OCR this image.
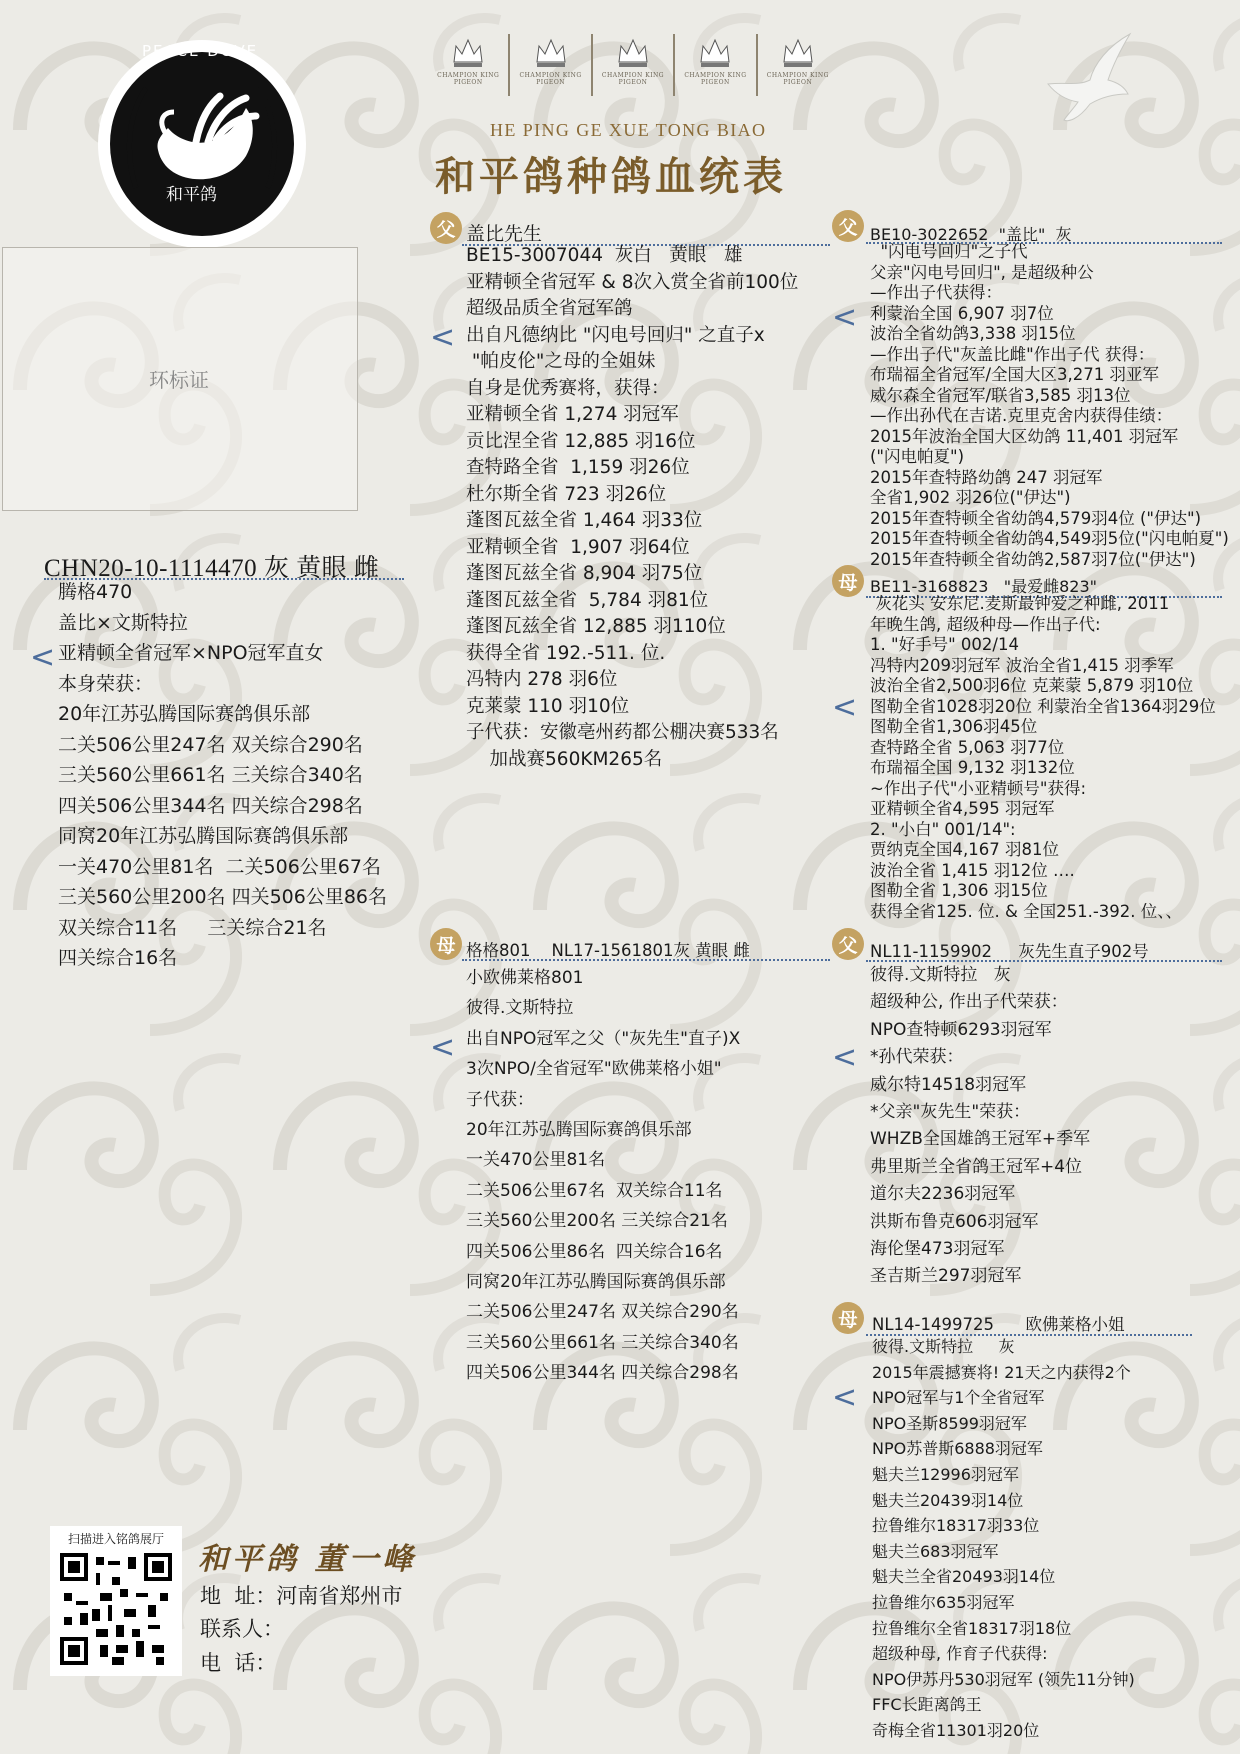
PEACE DOVE
和平鸽
CHAMPION KING PIGEON
CHAMPION KING PIGEON
CHAMPION KING PIGEON
CHAMPION KING PIGEON
CHAMPION KING PIGEON
HE PING GE XUE TONG BIAO
和平鸽种鸽血统表
环标证
CHN20-10-1114470 灰 黄眼 雌
<
腾格470
盖比×文斯特拉
亚精顿全省冠军×NPO冠军直女
本身荣获：
20年江苏弘腾国际赛鸽俱乐部
二关506公里247名 双关综合290名
三关560公里661名 三关综合340名
四关506公里344名 四关综合298名
同窝20年江苏弘腾国际赛鸽俱乐部
一关470公里81名  二关506公里67名
三关560公里200名 四关506公里86名
双关综合11名     三关综合21名
四关综合16名
父 盖比先生
<
BE15-3007044  灰白   黄眼   雄
亚精顿全省冠军 & 8次入赏全省前100位
超级品质全省冠军鸽
出自凡德纳比 "闪电号回归" 之直子x
"帕皮伦"之母的全姐妹
自身是优秀赛将，获得：
亚精顿全省 1,274 羽冠军
贡比涅全省 12,885 羽16位
查特路全省  1,159 羽26位
杜尔斯全省 723 羽26位
蓬图瓦兹全省 1,464 羽33位
亚精顿全省  1,907 羽64位
蓬图瓦兹全省 8,904 羽75位
蓬图瓦兹全省  5,784 羽81位
蓬图瓦兹全省 12,885 羽110位
获得全省 192.-511. 位.
冯特内 278 羽6位
克莱蒙 110 羽10位
子代获：安徽亳州药都公棚决赛533名
加战赛560KM265名
母 格格801    NL17-1561801灰 黄眼 雌
<
小欧佛莱格801
彼得.文斯特拉
出自NPO冠军之父（"灰先生"直子)X
3次NPO/全省冠军"欧佛莱格小姐"
子代获：
20年江苏弘腾国际赛鸽俱乐部
一关470公里81名
二关506公里67名  双关综合11名
三关560公里200名 三关综合21名
四关506公里86名  四关综合16名
同窝20年江苏弘腾国际赛鸽俱乐部
二关506公里247名 双关综合290名
三关560公里661名 三关综合340名
四关506公里344名 四关综合298名
父 BE10-3022652  "盖比"  灰
<
"闪电号回归"之子代
父亲"闪电号回归", 是超级种公
—作出子代获得：
利蒙治全国 6,907 羽7位
波治全省幼鸽3,338 羽15位
—作出子代"灰盖比雌"作出子代 获得：
布瑞福全省冠军/全国大区3,271 羽亚军
威尔森全省冠军/联省3,585 羽13位
—作出孙代在吉诺.克里克舍内获得佳绩：
2015年波治全国大区幼鸽 11,401 羽冠军
("闪电帕夏")
2015年查特路幼鸽 247 羽冠军
全省1,902 羽26位("伊达")
2015年查特顿全省幼鸽4,579羽4位 ("伊达")
2015年查特顿全省幼鸽4,549羽5位("闪电帕夏")
2015年查特顿全省幼鸽2,587羽7位("伊达")
母 BE11-3168823   "最爱雌823"
<
灰花头 安东尼.麦斯最钟爱之种雌, 2011
年晚生鸽, 超级种母—作出子代:
1. "好手号" 002/14
冯特内209羽冠军 波治全省1,415 羽季军
波治全省2,500羽6位 克莱蒙 5,879 羽10位
图勒全省1028羽20位 利蒙治全省1364羽29位
图勒全省1,306羽45位
查特路全省 5,063 羽77位
布瑞福全国 9,132 羽132位
~作出子代"小亚精顿号"获得:
亚精顿全省4,595 羽冠军
2. "小白" 001/14":
贾纳克全国4,167 羽81位
波治全省 1,415 羽12位 ….
图勒全省 1,306 羽15位
获得全省125. 位. & 全国251.-392. 位、、
父 NL11-1159902     灰先生直子902号
<
彼得.文斯特拉   灰
超级种公, 作出子代荣获：
NPO查特顿6293羽冠军
*孙代荣获：
威尔特14518羽冠军
*父亲"灰先生"荣获：
WHZB全国雄鸽王冠军+季军
弗里斯兰全省鸽王冠军+4位
道尔夫2236羽冠军
洪斯布鲁克606羽冠军
海伦堡473羽冠军
圣吉斯兰297羽冠军
母 NL14-1499725      欧佛莱格小姐
<
彼得.文斯特拉     灰
2015年震撼赛将! 21天之内获得2个
NPO冠军与1个全省冠军
NPO圣斯8599羽冠军
NPO苏普斯6888羽冠军
魁夫兰12996羽冠军
魁夫兰20439羽14位
拉鲁维尔18317羽33位
魁夫兰683羽冠军
魁夫兰全省20493羽14位
拉鲁维尔635羽冠军
拉鲁维尔全省18317羽18位
超级种母, 作育子代获得:
NPO伊苏丹530羽冠军 (领先11分钟)
FFC长距离鸽王
奇梅全省11301羽20位
扫描进入铭鸽展厅
和平鸽 董一峰
地  址：河南省郑州市
联系人：
电  话：
